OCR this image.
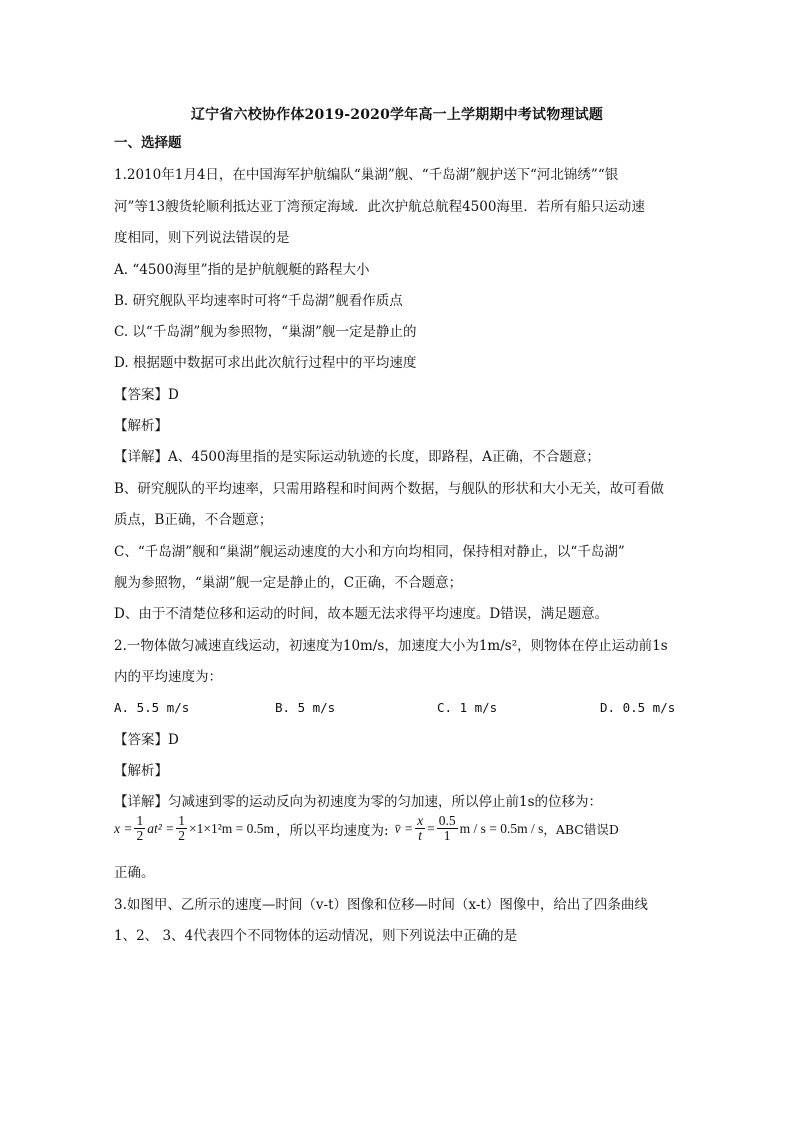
辽宁省六校协作体2019-2020学年高一上学期期中考试物理试题
一、选择题
1.2010年1月4日，在中国海军护航编队“巢湖”舰、“千岛湖”舰护送下“河北锦绣”“银
河”等13艘货轮顺利抵达亚丁湾预定海域．此次护航总航程4500海里．若所有船只运动速
度相同，则下列说法错误的是
A. “4500海里”指的是护航舰艇的路程大小
B. 研究舰队平均速率时可将“千岛湖”舰看作质点
C. 以“千岛湖”舰为参照物，“巢湖”舰一定是静止的
D. 根据题中数据可求出此次航行过程中的平均速度
【答案】D
【解析】
【详解】A、4500海里指的是实际运动轨迹的长度，即路程，A正确，不合题意；
B、研究舰队的平均速率，只需用路程和时间两个数据，与舰队的形状和大小无关，故可看做
质点，B正确，不合题意；
C、“千岛湖”舰和“巢湖”舰运动速度的大小和方向均相同，保持相对静止，以“千岛湖”
舰为参照物，“巢湖”舰一定是静止的，C正确，不合题意；
D、由于不清楚位移和运动的时间，故本题无法求得平均速度。D错误，满足题意。
2.一物体做匀减速直线运动，初速度为10m/s，加速度大小为1m/s²，则物体在停止运动前1s
内的平均速度为：
A. 5.5 m/s	B. 5 m/s	C. 1 m/s	D. 0.5 m/s
【答案】D
【解析】
【详解】匀减速到零的运动反向为初速度为零的匀加速，所以停止前1s的位移为：
$x = \frac{1}{2} at^2 = \frac{1}{2} \times 1\times 1^2m = 0.5m$ ，所以平均速度为: v̄ = $\frac{x}{t} = \frac{0.5}{1}$ m / s = 0.5m / s ，ABC错误D
正确。
3.如图甲、乙所示的速度—时间（v-t）图像和位移—时间（x-t）图像中，给出了四条曲线
1、2、 3、4代表四个不同物体的运动情况，则下列说法中正确的是
